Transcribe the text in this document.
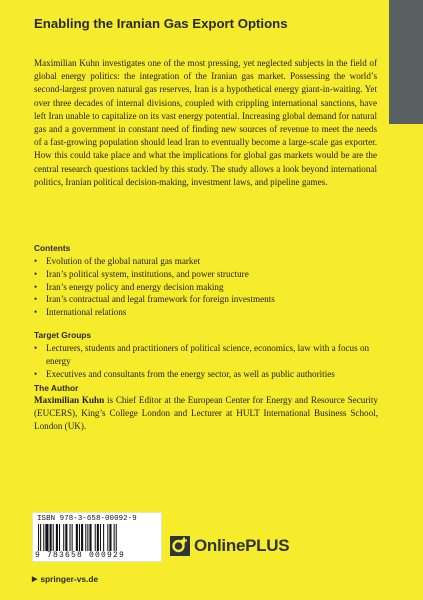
Enabling the Iranian Gas Export Options
Maximilian Kuhn investigates one of the most pressing, yet neglected subjects in the field of global energy politics: the integration of the Iranian gas market. Possessing the world’s second-largest proven natural gas reserves, Iran is a hypothetical energy giant-in-waiting. Yet over three decades of internal divisions, coupled with crippling international sanctions, have left Iran unable to capitalize on its vast energy potential. Increasing global demand for natural gas and a government in constant need of finding new sources of revenue to meet the needs of a fast-growing population should lead Iran to eventually become a large-scale gas exporter. How this could take place and what the implications for global gas markets would be are the central research questions tackled by this study. The study allows a look beyond international politics, Iranian political decision-making, investment laws, and pipeline games.
Contents
• Evolution of the global natural gas market
• Iran’s political system, institutions, and power structure
• Iran’s energy policy and energy decision making
• Iran’s contractual and legal framework for foreign investments
• International relations
Target Groups
• Lecturers, students and practitioners of political science, economics, law with a focus on energy
• Executives and consultants from the energy sector, as well as public authorities
The Author
Maximilian Kuhn is Chief Editor at the European Center for Energy and Resource Security (EUCERS), King’s College London and Lecturer at HULT International Business School, London (UK).
ISBN 978-3-658-00092-9
9 783658 000929
OnlinePLUS
▶ springer-vs.de
